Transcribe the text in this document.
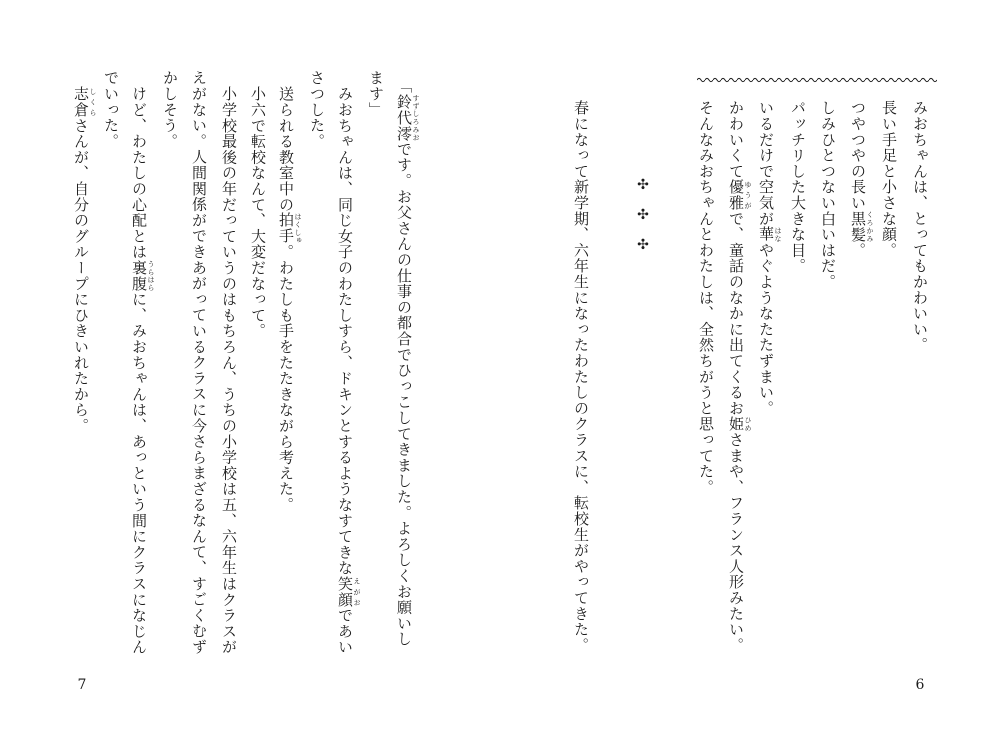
みおちゃんは、とってもかわいい。
長い手足と小さな顔。
つやつやの長い黒髪 くろかみ。
しみひとつない白いはだ。
パッチリした大きな目。
いるだけで空気が華 はなやぐようなたたずまい。
かわいくて優雅 ゆうがで、童話のなかに出てくるお姫 ひめさまや、フランス人形みたい。
そんなみおちゃんとわたしは、全然ちがうと思ってた。
✣
✣
✣
春になって新学期、六年生になったわたしのクラスに、転校生がやってきた。
6
「鈴代澪 すずしろみおです。お父さんの仕事の都合でひっこしてきました。よろしくお願いし
ます」
みおちゃんは、同じ女子のわたしすら、ドキンとするようなすてきな笑顔 えがおであい
さつした。
送られる教室中の拍手 はくしゅ。わたしも手をたたきながら考えた。
小六で転校なんて、大変だなって。
小学校最後の年だっていうのはもちろん、うちの小学校は五、六年生はクラスが
えがない。人間関係ができあがっているクラスに今さらまざるなんて、すごくむず
かしそう。
けど、わたしの心配とは裏腹 うらはらに、みおちゃんは、あっという間にクラスになじん
でいった。
志倉 しくらさんが、自分のグループにひきいれたから。
7
